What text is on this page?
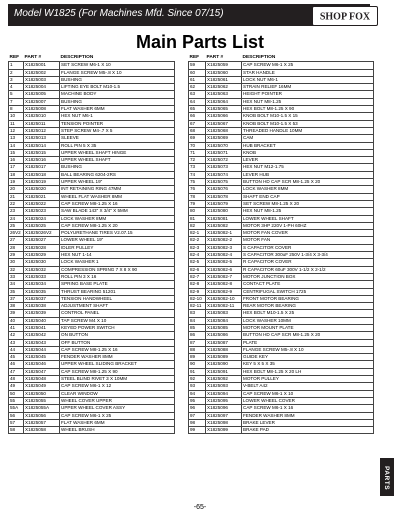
Model W1825 (For Machines Mfd. Since 07/15)	SHOP FOX
Main Parts List
REF	PART #	DESCRIPTION
1	X1825001	SET SCREW M6-1 X 10
2	X1825002	FLANGE SCREW M5-.8 X 10
3	X1825003	BUSHING
4	X1825004	LIFTING EYE BOLT M10-1.5
5	X1825005	MACHINE BODY
7	X1825007	BUSHING
8	X1825008	FLAT WASHER 6MM
10	X1825010	HEX NUT M6-1
11	X1825011	TENSION POINTER
12	X1825012	STEP SCREW M4-.7 X 5
13	X1825013	SLEEVE
14	X1825014	ROLL PIN 5 X 35
15	X1825015	UPPER WHEEL SHAFT HINGE
16	X1825016	UPPER WHEEL SHAFT
17	X1825017	BUSHING
18	X1825018	BALL BEARING 6204-2RS
19	X1825019	UPPER WHEEL 19"
20	X1825020	INT RETAINING RING 47MM
21	X1825021	WHEEL FLAT WASHER 8MM
22	X1825022	CAP SCREW M8-1.25 X 16
23	X1825023	SAW BLADE 143" X 3/4" X 5MM
24	X1825024	LOCK WASHER 8MM
25	X1825025	CAP SCREW M8-1.25 X 20
26V2	X1825026V2	POLYURETHANE TIRES V2.07.15
27	X1825027	LOWER WHEEL 19"
28	X1825028	IDLER PULLEY
29	X1825029	HEX NUT 1-14
30	X1825030	LOCK WASHER 1
32	X1825032	COMPRESSION SPRING 7 X 8 X 90
33	X1825033	ROLL PIN 3 X 16
34	X1825034	SPRING BASE PLATE
35	X1825035	THRUST BEARING 51201
37	X1825037	TENSION HANDWHEEL
38	X1825038	ADJUSTMENT SHAFT
39	X1825039	CONTROL PANEL
40	X1825040	TAP SCREW M4 X 10
41	X1825041	KEYED POWER SWITCH
42	X1825042	ON BUTTON
43	X1825043	OFF BUTTON
44	X1825044	CAP SCREW M8-1.25 X 16
45	X1825045	FENDER WASHER 8MM
46	X1825046	UPPER WHEEL SLIDING BRACKET
47	X1825047	CAP SCREW M8-1.25 X 90
48	X1825048	STEEL BLIND RIVET 3 X 10MM
49	X1825049	CAP SCREW M6-1 X 12
50	X1825050	CLEAR WINDOW
55	X1825055	WHEEL COVER UPPER
55A	X1825055A	UPPER WHEEL COVER ASSY
56	X1825056	CAP SCREW M6-1 X 25
57	X1825057	FLAT WASHER 6MM
58	X1825058	WHEEL BRUSH
REF	PART #	DESCRIPTION
59	X1825059	CAP SCREW M6-1 X 25
60	X1825060	STAR HANDLE
61	X1825061	LOCK NUT M6-1
62	X1825062	STRAIN RELIEF 16MM
63	X1825063	HEIGHT POINTER
64	X1825064	HEX NUT M8-1.25
65	X1825065	HEX BOLT M8-1.25 X 90
66	X1825066	KNOB BOLT M10-1.5 X 15
67	X1825067	KNOB BOLT M10-1.5 X 53
68	X1825068	THREADED HANDLE 10MM
69	X1825069	CAM
70	X1825070	HUB BRACKET
71	X1825071	KNOB
72	X1825072	LEVER
73	X1825073	HEX NUT M12-1.75
74	X1825074	LEVER HUB
75	X1825075	BUTTON HD CAP SCR M8-1.25 X 20
76	X1825076	LOCK WASHER 8MM
78	X1825078	SHAFT END CAP
79	X1825079	SET SCREW M8-1.25 X 20
80	X1825080	HEX NUT M8-1.25
81	X1825081	LOWER WHEEL SHAFT
82	X1825082	MOTOR 3HP 220V 1-PH 60HZ
82-1	X1825082-1	MOTOR FAN COVER
82-2	X1825082-2	MOTOR FAN
82-3	X1825082-3	S CAPACITOR COVER
82-4	X1825082-4	S CAPACITOR 300uF 250V 1-3/4 X 3-3/4
82-5	X1825082-5	R CAPACITOR COVER
82-6	X1825082-6	R CAPACITOR 60uF 300V 1-1/2 X 2-1/2
82-7	X1825082-7	MOTOR JUNCTION BOX
82-8	X1825082-8	CONTACT PLATE
82-9	X1825082-9	CENTRIFUGAL SWITCH 1725
82-10	X1825082-10	FRONT MOTOR BEARING
82-11	X1825082-11	REAR MOTOR BEARING
83	X1825083	HEX BOLT M10-1.5 X 25
84	X1825084	LOCK WASHER 10MM
85	X1825085	MOTOR MOUNT PLATE
86	X1825086	BUTTON HD CAP SCR M8-1.25 X 20
87	X1825087	PLATE
88	X1825088	FLANGE SCREW M5-.8 X 10
89	X1825089	GUIDE KEY
90	X1825090	KEY 5 X 5 X 35
91	X1825091	HEX BOLT M8-1.25 X 20 LH
92	X1825092	MOTOR PULLEY
93	X1825093	V-BELT A42
94	X1825094	CAP SCREW M6-1 X 10
95	X1825095	LOWER WHEEL COVER
96	X1825096	CAP SCREW M6-1 X 16
97	X1825097	FENDER WASHER 8MM
98	X1825098	BRAKE LEVER
99	X1825099	BRAKE PAD
PARTS
-65-
